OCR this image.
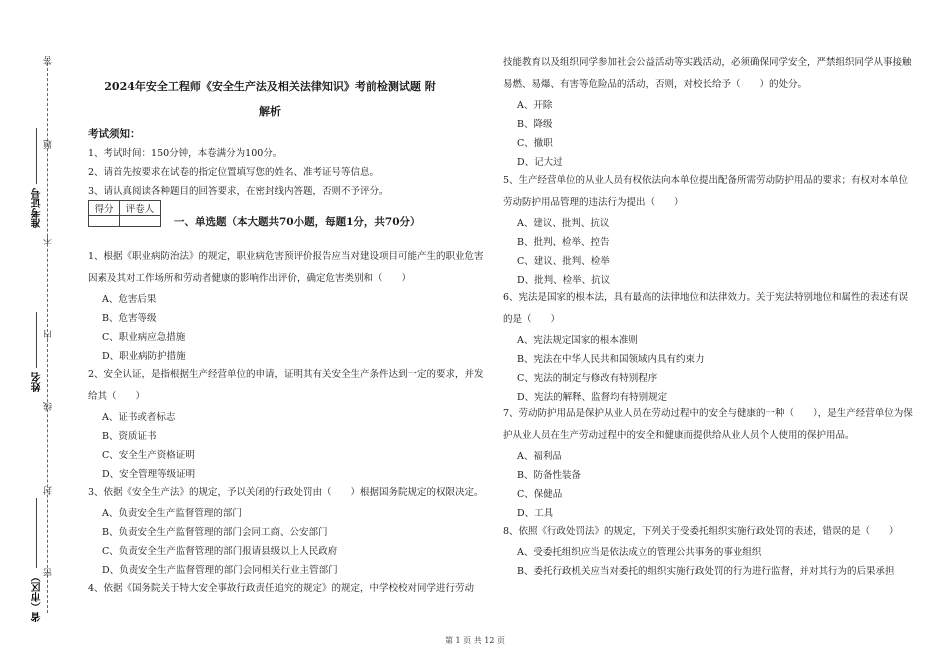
答
题
不
内
线
封
密
准考证号
姓名
省（市区）
2024年安全工程师《安全生产法及相关法律知识》考前检测试题 附解析
考试须知：
1、考试时间：150分钟，本卷满分为100分。
2、请首先按要求在试卷的指定位置填写您的姓名、准考证号等信息。
3、请认真阅读各种题目的回答要求，在密封线内答题，否则不予评分。
得分	评卷人

一、单选题（本大题共70小题，每题1分，共70分）
1、根据《职业病防治法》的规定，职业病危害预评价报告应当对建设项目可能产生的职业危害因素及其对工作场所和劳动者健康的影响作出评价，确定危害类别和（　　）
A、危害后果
B、危害等级
C、职业病应急措施
D、职业病防护措施
2、安全认证，是指根据生产经营单位的申请，证明其有关安全生产条件达到一定的要求，并发给其（　　）
A、证书或者标志
B、资质证书
C、安全生产资格证明
D、安全管理等级证明
3、依据《安全生产法》的规定，予以关闭的行政处罚由（　　）根据国务院规定的权限决定。
A、负责安全生产监督管理的部门
B、负责安全生产监督管理的部门会同工商、公安部门
C、负责安全生产监督管理的部门报请县级以上人民政府
D、负责安全生产监督管理的部门会同相关行业主管部门
4、依据《国务院关于特大安全事故行政责任追究的规定》的规定，中学校校对同学进行劳动
技能教育以及组织同学参加社会公益活动等实践活动，必须确保同学安全，严禁组织同学从事接触易燃、易爆、有害等危险品的活动，否则，对校长给予（　　）的处分。
A、开除
B、降级
C、撤职
D、记大过
5、生产经营单位的从业人员有权依法向本单位提出配备所需劳动防护用品的要求；有权对本单位劳动防护用品管理的违法行为提出（　　）
A、建议、批判、抗议
B、批判、检举、控告
C、建议、批判、检举
D、批判、检举、抗议
6、宪法是国家的根本法，具有最高的法律地位和法律效力。关于宪法特别地位和属性的表述有误的是（　　）
A、宪法规定国家的根本准则
B、宪法在中华人民共和国领域内具有约束力
C、宪法的制定与修改有特别程序
D、宪法的解释、监督均有特别规定
7、劳动防护用品是保护从业人员在劳动过程中的安全与健康的一种（　　），是生产经营单位为保护从业人员在生产劳动过程中的安全和健康而提供给从业人员个人使用的保护用品。
A、福利品
B、防备性装备
C、保健品
D、工具
8、依照《行政处罚法》的规定，下列关于受委托组织实施行政处罚的表述，错误的是（　　）
A、受委托组织应当是依法成立的管理公共事务的事业组织
B、委托行政机关应当对委托的组织实施行政处罚的行为进行监督，并对其行为的后果承担
第 1 页 共 12 页
